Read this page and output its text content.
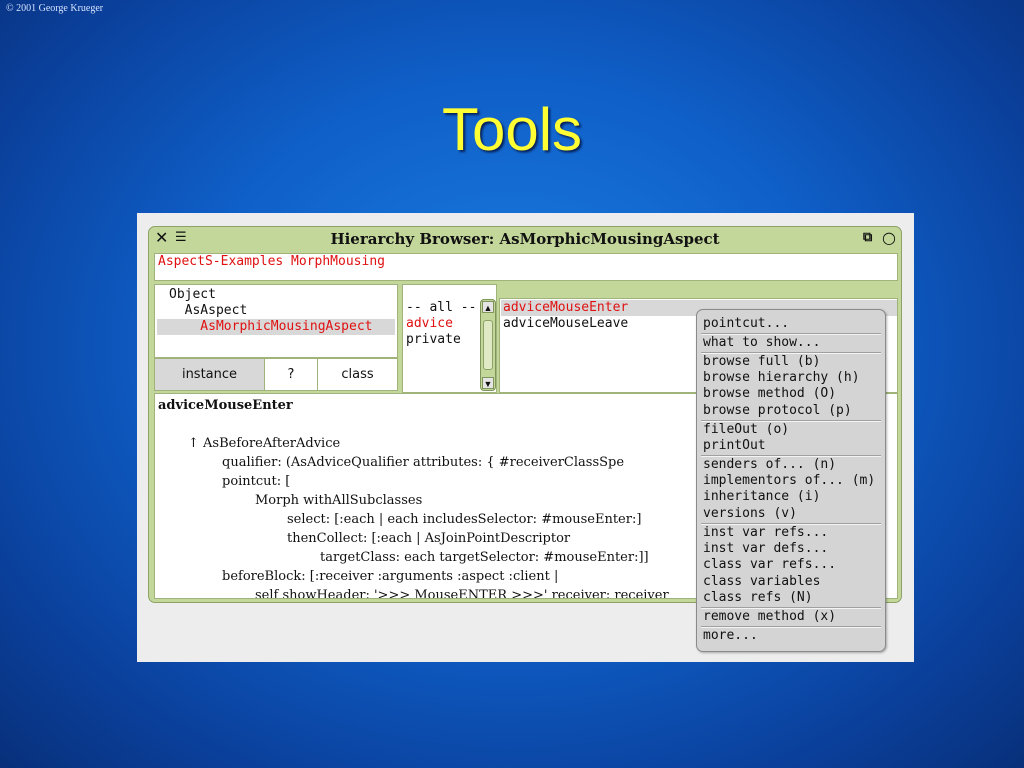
© 2001 George Krueger
Tools
✕ ☰	Hierarchy Browser: AsMorphicMousingAspect	⧉ ○
AspectS-Examples MorphMousing
Object
AsAspect
AsMorphicMousingAspect
instance	?	class
-- all --
advice
private
▲
▼
adviceMouseEnter
adviceMouseLeave
adviceMouseEnter
↑ AsBeforeAfterAdvice
qualifier: (AsAdviceQualifier attributes: { #receiverClassSpe
pointcut: [
Morph withAllSubclasses
select: [:each | each includesSelector: #mouseEnter:]
thenCollect: [:each | AsJoinPointDescriptor
targetClass: each targetSelector: #mouseEnter:]]
beforeBlock: [:receiver :arguments :aspect :client |
self showHeader: '>>> MouseENTER >>>' receiver: receiver
pointcut...
what to show...
browse full (b)
browse hierarchy (h)
browse method (O)
browse protocol (p)
fileOut (o)
printOut
senders of... (n)
implementors of... (m)
inheritance (i)
versions (v)
inst var refs...
inst var defs...
class var refs...
class variables
class refs (N)
remove method (x)
more...
